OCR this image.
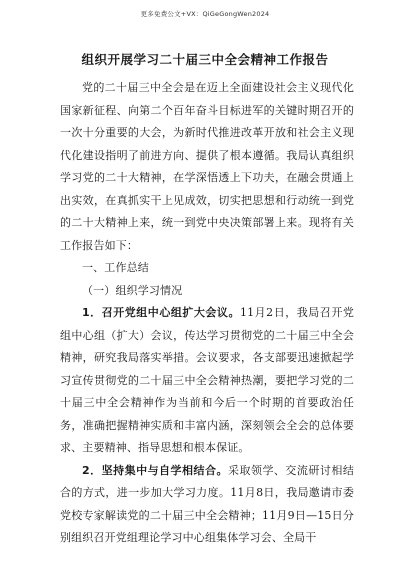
更多免费公文+VX：QiGeGongWen2024
组织开展学习二十届三中全会精神工作报告

党的二十届三中全会是在迈上全面建设社会主义现代化国家新征程、向第二个百年奋斗目标进军的关键时期召开的一次十分重要的大会，为新时代推进改革开放和社会主义现代化建设指明了前进方向、提供了根本遵循。我局认真组织学习党的二十大精神，在学深悟透上下功夫，在融会贯通上出实效，在真抓实干上见成效，切实把思想和行动统一到党的二十大精神上来，统一到党中央决策部署上来。现将有关工作报告如下：

一、工作总结
（一）组织学习情况

1．召开党组中心组扩大会议。11月2日，我局召开党组中心组（扩大）会议，传达学习贯彻党的二十届三中全会精神，研究我局落实举措。会议要求，各支部要迅速掀起学习宣传贯彻党的二十届三中全会精神热潮，要把学习党的二十届三中全会精神作为当前和今后一个时期的首要政治任务，准确把握精神实质和丰富内涵，深刻领会全会的总体要求、主要精神、指导思想和根本保证。

2．坚持集中与自学相结合。采取领学、交流研讨相结合的方式，进一步加大学习力度。11月8日，我局邀请市委党校专家解读党的二十届三中全会精神；11月9日—15日分别组织召开党组理论学习中心组集体学习会、全局干
